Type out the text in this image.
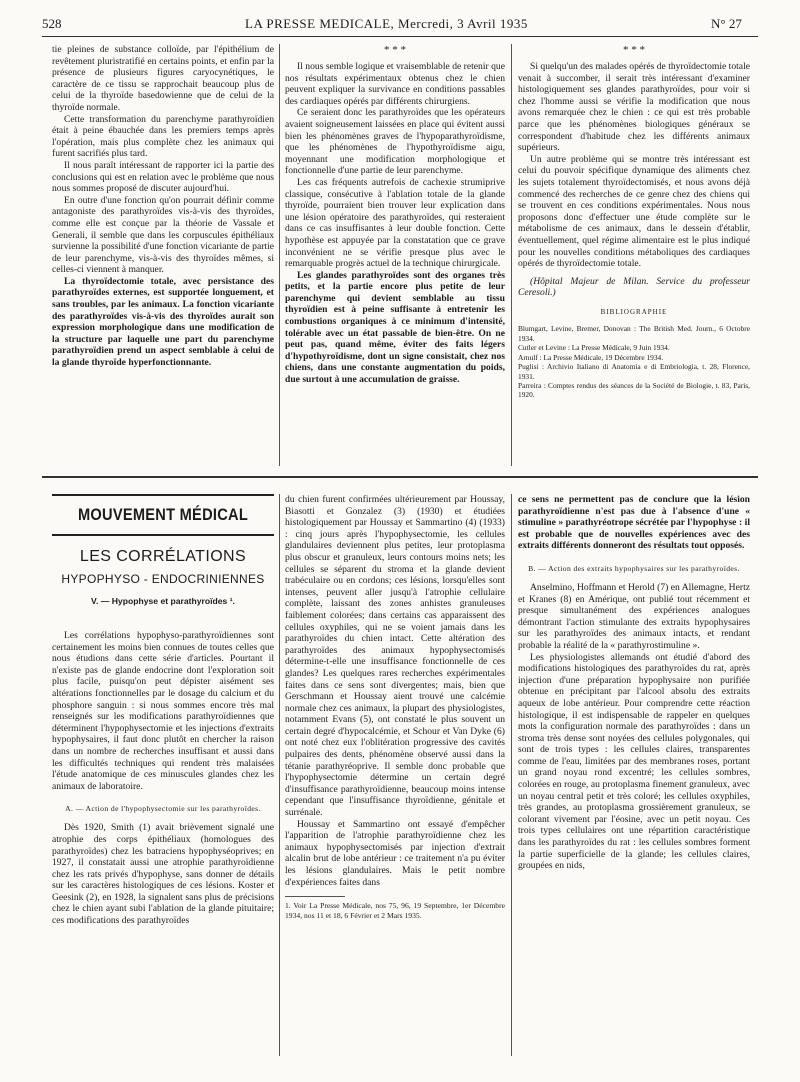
528	LA PRESSE MEDICALE, Mercredi, 3 Avril 1935	N° 27

tie pleines de substance colloïde, par l'épithélium de revêtement pluristratifié en certains points, et enfin par la présence de plusieurs figures caryocynétiques, le caractère de ce tissu se rapprochait beaucoup plus de celui de la thyroïde basedowienne que de celui de la thyroïde normale.

Cette transformation du parenchyme parathyroïdien était à peine ébauchée dans les premiers temps après l'opération, mais plus complète chez les animaux qui furent sacrifiés plus tard.

Il nous paraît intéressant de rapporter ici la partie des conclusions qui est en relation avec le problème que nous nous sommes proposé de discuter aujourd'hui.

En outre d'une fonction qu'on pourrait définir comme antagoniste des parathyroïdes vis-à-vis des thyroïdes, comme elle est conçue par la théorie de Vassale et Generali, il semble que dans les corpuscules épithéliaux survienne la possibilité d'une fonction vicariante de partie de leur parenchyme, vis-à-vis des thyroïdes mêmes, si celles-ci viennent à manquer.

La thyroïdectomie totale, avec persistance des parathyroïdes externes, est supportée longuement, et sans troubles, par les animaux. La fonction vicariante des parathyroïdes vis-à-vis des thyroïdes aurait son expression morphologique dans une modification de la structure par laquelle une part du parenchyme parathyroïdien prend un aspect semblable à celui de la glande thyroïde hyperfonctionnante.

* * *

Il nous semble logique et vraisemblable de retenir que nos résultats expérimentaux obtenus chez le chien peuvent expliquer la survivance en conditions passables des cardiaques opérés par différents chirurgiens.

Ce seraient donc les parathyroïdes que les opérateurs avaient soigneusement laissées en place qui évitent aussi bien les phénomènes graves de l'hypoparathyroïdisme, que les phénomènes de l'hypothyroïdisme aigu, moyennant une modification morphologique et fonctionnelle d'une partie de leur parenchyme.

Les cas fréquents autrefois de cachexie strumiprive classique, consécutive à l'ablation totale de la glande thyroïde, pourraient bien trouver leur explication dans une lésion opératoire des parathyroïdes, qui resteraient dans ce cas insuffisantes à leur double fonction. Cette hypothèse est appuyée par la constatation que ce grave inconvénient ne se vérifie presque plus avec le remarquable progrès actuel de la technique chirurgicale.

Les glandes parathyroïdes sont des organes très petits, et la partie encore plus petite de leur parenchyme qui devient semblable au tissu thyroïdien est à peine suffisante à entretenir les combustions organiques à ce minimum d'intensité, tolérable avec un état passable de bien-être. On ne peut pas, quand même, éviter des faits légers d'hypothyroïdisme, dont un signe consistait, chez nos chiens, dans une constante augmentation du poids, due surtout à une accumulation de graisse.

* * *

Si quelqu'un des malades opérés de thyroïdectomie totale venait à succomber, il serait très intéressant d'examiner histologiquement ses glandes parathyroïdes, pour voir si chez l'homme aussi se vérifie la modification que nous avons remarquée chez le chien : ce qui est très probable parce que les phénomènes biologiques généraux se correspondent d'habitude chez les différents animaux supérieurs.

Un autre problème qui se montre très intéressant est celui du pouvoir spécifique dynamique des aliments chez les sujets totalement thyroïdectomisés, et nous avons déjà commencé des recherches de ce genre chez des chiens qui se trouvent en ces conditions expérimentales. Nous nous proposons donc d'effectuer une étude complète sur le métabolisme de ces animaux, dans le dessein d'établir, éventuellement, quel régime alimentaire est le plus indiqué pour les nouvelles conditions métaboliques des cardiaques opérés de thyroïdectomie totale.

(Hôpital Majeur de Milan. Service du professeur Ceresoli.)

BIBLIOGRAPHIE

Blumgart, Levine, Bremer, Donovan : The British Med. Journ., 6 Octobre 1934.

Cutler et Levine : La Presse Médicale, 9 Juin 1934.

Arnulf : La Presse Médicale, 19 Décembre 1934.

Puglisi : Archivio Italiano di Anatomia e di Embriologia, t. 28, Florence, 1931.

Parreira : Comptes rendus des séances de la Société de Biologie, t. 83, Paris, 1920.

MOUVEMENT MÉDICAL
LES CORRÉLATIONS
HYPOPHYSO - ENDOCRINIENNES
V. — Hypophyse et parathyroïdes ¹.

Les corrélations hypophyso-parathyroïdiennes sont certainement les moins bien connues de toutes celles que nous étudions dans cette série d'articles. Pourtant il n'existe pas de glande endocrine dont l'exploration soit plus facile, puisqu'on peut dépister aisément ses altérations fonctionnelles par le dosage du calcium et du phosphore sanguin : si nous sommes encore très mal renseignés sur les modifications parathyroïdiennes que déterminent l'hypophysectomie et les injections d'extraits hypophysaires, il faut donc plutôt en chercher la raison dans un nombre de recherches insuffisant et aussi dans les difficultés techniques qui rendent très malaisées l'étude anatomique de ces minuscules glandes chez les animaux de laboratoire.

A. — Action de l'hypophysectomie sur les parathyroïdes.

Dès 1920, Smith (1) avait brièvement signalé une atrophie des corps épithéliaux (homologues des parathyroïdes) chez les batraciens hypophyséoprives; en 1927, il constatait aussi une atrophie parathyroïdienne chez les rats privés d'hypophyse, sans donner de détails sur les caractères histologiques de ces lésions. Koster et Geesink (2), en 1928, la signalent sans plus de précisions chez le chien ayant subi l'ablation de la glande pituitaire; ces modifications des parathyroïdes

du chien furent confirmées ultérieurement par Houssay, Biasotti et Gonzalez (3) (1930) et étudiées histologiquement par Houssay et Sammartino (4) (1933) : cinq jours après l'hypophysectomie, les cellules glandulaires deviennent plus petites, leur protoplasma plus obscur et granuleux, leurs contours moins nets; les cellules se séparent du stroma et la glande devient trabéculaire ou en cordons; ces lésions, lorsqu'elles sont intenses, peuvent aller jusqu'à l'atrophie cellulaire complète, laissant des zones anhistes granuleuses faiblement colorées; dans certains cas apparaissent des cellules oxyphiles, qui ne se voient jamais dans les parathyroïdes du chien intact. Cette altération des parathyroïdes des animaux hypophysectomisés détermine-t-elle une insuffisance fonctionnelle de ces glandes? Les quelques rares recherches expérimentales faites dans ce sens sont divergentes; mais, bien que Gerschmann et Houssay aient trouvé une calcémie normale chez ces animaux, la plupart des physiologistes, notamment Evans (5), ont constaté le plus souvent un certain degré d'hypocalcémie, et Schour et Van Dyke (6) ont noté chez eux l'oblitération progressive des cavités pulpaires des dents, phénomène observé aussi dans la tétanie parathyréoprive. Il semble donc probable que l'hypophysectomie détermine un certain degré d'insuffisance parathyroïdienne, beaucoup moins intense cependant que l'insuffisance thyroïdienne, génitale et surrénale.

Houssay et Sammartino ont essayé d'empêcher l'apparition de l'atrophie parathyroïdienne chez les animaux hypophysectomisés par injection d'extrait alcalin brut de lobe antérieur : ce traitement n'a pu éviter les lésions glandulaires. Mais le petit nombre d'expériences faites dans

1. Voir La Presse Médicale, nos 75, 96, 19 Septembre, 1er Décembre 1934, nos 11 et 18, 6 Février et 2 Mars 1935.

ce sens ne permettent pas de conclure que la lésion parathyroïdienne n'est pas due à l'absence d'une « stimuline » parathyréotrope sécrétée par l'hypophyse : il est probable que de nouvelles expériences avec des extraits différents donneront des résultats tout opposés.

B. — Action des extraits hypophysaires sur les parathyroïdes.

Anselmino, Hoffmann et Herold (7) en Allemagne, Hertz et Kranes (8) en Amérique, ont publié tout récemment et presque simultanément des expériences analogues démontrant l'action stimulante des extraits hypophysaires sur les parathyroïdes des animaux intacts, et rendant probable la réalité de la « parathyrostimuline ».

Les physiologistes allemands ont étudié d'abord des modifications histologiques des parathyroïdes du rat, après injection d'une préparation hypophysaire non purifiée obtenue en précipitant par l'alcool absolu des extraits aqueux de lobe antérieur. Pour comprendre cette réaction histologique, il est indispensable de rappeler en quelques mots la configuration normale des parathyroïdes : dans un stroma très dense sont noyées des cellules polygonales, qui sont de trois types : les cellules claires, transparentes comme de l'eau, limitées par des membranes roses, portant un grand noyau rond excentré; les cellules sombres, colorées en rouge, au protoplasma finement granuleux, avec un noyau central petit et très coloré; les cellules oxyphiles, très grandes, au protoplasma grossièrement granuleux, se colorant vivement par l'éosine, avec un petit noyau. Ces trois types cellulaires ont une répartition caractéristique dans les parathyroïdes du rat : les cellules sombres forment la partie superficielle de la glande; les cellules claires, groupées en nids,
